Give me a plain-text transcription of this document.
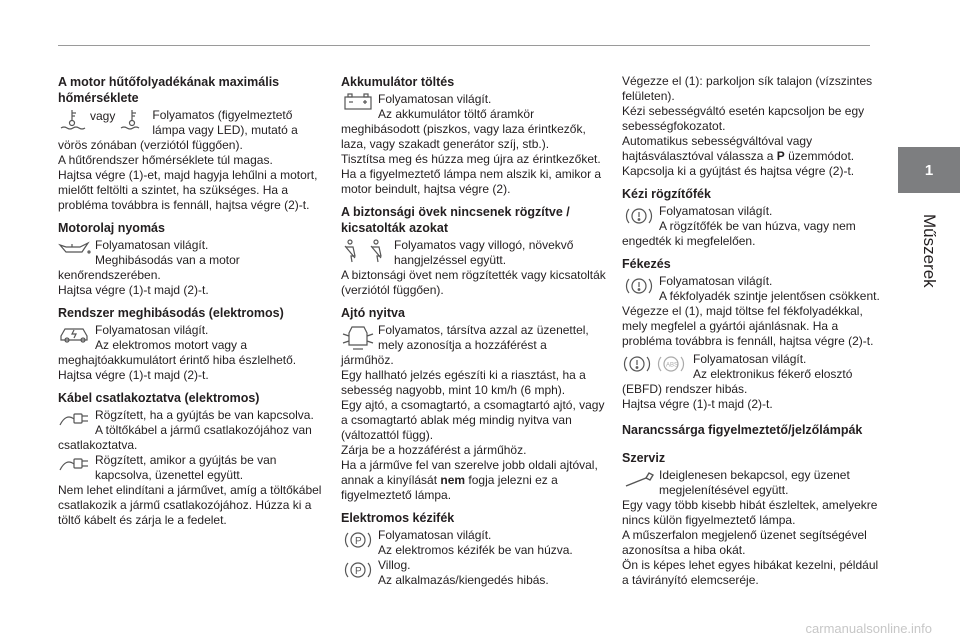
1
Műszerek
A motor hűtőfolyadékának maximális hőmérséklete
vagy	Folyamatos (figyelmeztető lámpa vagy LED), mutató a

vörös zónában (verziótól függően).

A hűtőrendszer hőmérséklete túl magas.

Hajtsa végre (1)-et, majd hagyja lehűlni a motort, mielőtt feltölti a szintet, ha szükséges. Ha a probléma továbbra is fennáll, hajtsa végre (2)-t.

Motorolaj nyomás
Folyamatosan világít.
Meghibásodás van a motor

kenőrendszerében.

Hajtsa végre (1)-t majd (2)-t.

Rendszer meghibásodás (elektromos)
Folyamatosan világít.
Az elektromos motort vagy a

meghajtóakkumulátort érintő hiba észlelhető.

Hajtsa végre (1)-t majd (2)-t.

Kábel csatlakoztatva (elektromos)
Rögzített, ha a gyújtás be van kapcsolva.
A töltőkábel a jármű csatlakozójához van

csatlakoztatva.

Rögzített, amikor a gyújtás be van
kapcsolva, üzenettel együtt.

Nem lehet elindítani a járművet, amíg a töltőkábel csatlakozik a jármű csatlakozójához. Húzza ki a töltő kábelt és zárja le a fedelet.

Akkumulátor töltés
Folyamatosan világít.
Az akkumulátor töltő áramkör

meghibásodott (piszkos, vagy laza érintkezők, laza, vagy szakadt generátor szíj, stb.).

Tisztítsa meg és húzza meg újra az érintkezőket. Ha a figyelmeztető lámpa nem alszik ki, amikor a motor beindult, hajtsa végre (2).

A biztonsági övek nincsenek rögzítve / kicsatolták azokat
Folyamatos vagy villogó, növekvő hangjelzéssel együtt.

A biztonsági övet nem rögzítették vagy kicsatolták (verziótól függően).

Ajtó nyitva
Folyamatos, társítva azzal az üzenettel, mely azonosítja a hozzáférést a

járműhöz.

Egy hallható jelzés egészíti ki a riasztást, ha a sebesség nagyobb, mint 10 km/h (6 mph).

Egy ajtó, a csomagtartó, a csomagtartó ajtó, vagy a csomagtartó ablak még mindig nyitva van (változattól függ).

Zárja be a hozzáférést a járműhöz.

Ha a járműve fel van szerelve jobb oldali ajtóval, annak a kinyílását nem fogja jelezni ez a figyelmeztető lámpa.

Elektromos kézifék
P Folyamatosan világít.
Az elektromos kézifék be van húzva.
P Villog.
Az alkalmazás/kiengedés hibás.

Végezze el (1): parkoljon sík talajon (vízszintes felületen).

Kézi sebességváltó esetén kapcsoljon be egy sebességfokozatot.

Automatikus sebességváltóval vagy hajtásválasztóval válassza a P üzemmódot.

Kapcsolja ki a gyújtást és hajtsa végre (2)-t.

Kézi rögzítőfék
Folyamatosan világít.
A rögzítőfék be van húzva, vagy nem

engedték ki megfelelően.

Fékezés
Folyamatosan világít.
A fékfolyadék szintje jelentősen csökkent.

Végezze el (1), majd töltse fel fékfolyadékkal, mely megfelel a gyártói ajánlásnak. Ha a probléma továbbra is fennáll, hajtsa végre (2)-t.

ABS Folyamatosan világít.
Az elektronikus fékerő elosztó

(EBFD) rendszer hibás.

Hajtsa végre (1)-t majd (2)-t.

Narancssárga figyelmeztető/jelzőlámpák
Szerviz
Ideiglenesen bekapcsol, egy üzenet megjelenítésével együtt.

Egy vagy több kisebb hibát észleltek, amelyekre nincs külön figyelmeztető lámpa.

A műszerfalon megjelenő üzenet segítségével azonosítsa a hiba okát.

Ön is képes lehet egyes hibákat kezelni, például a távirányító elemcseréje.

carmanualsonline.info
